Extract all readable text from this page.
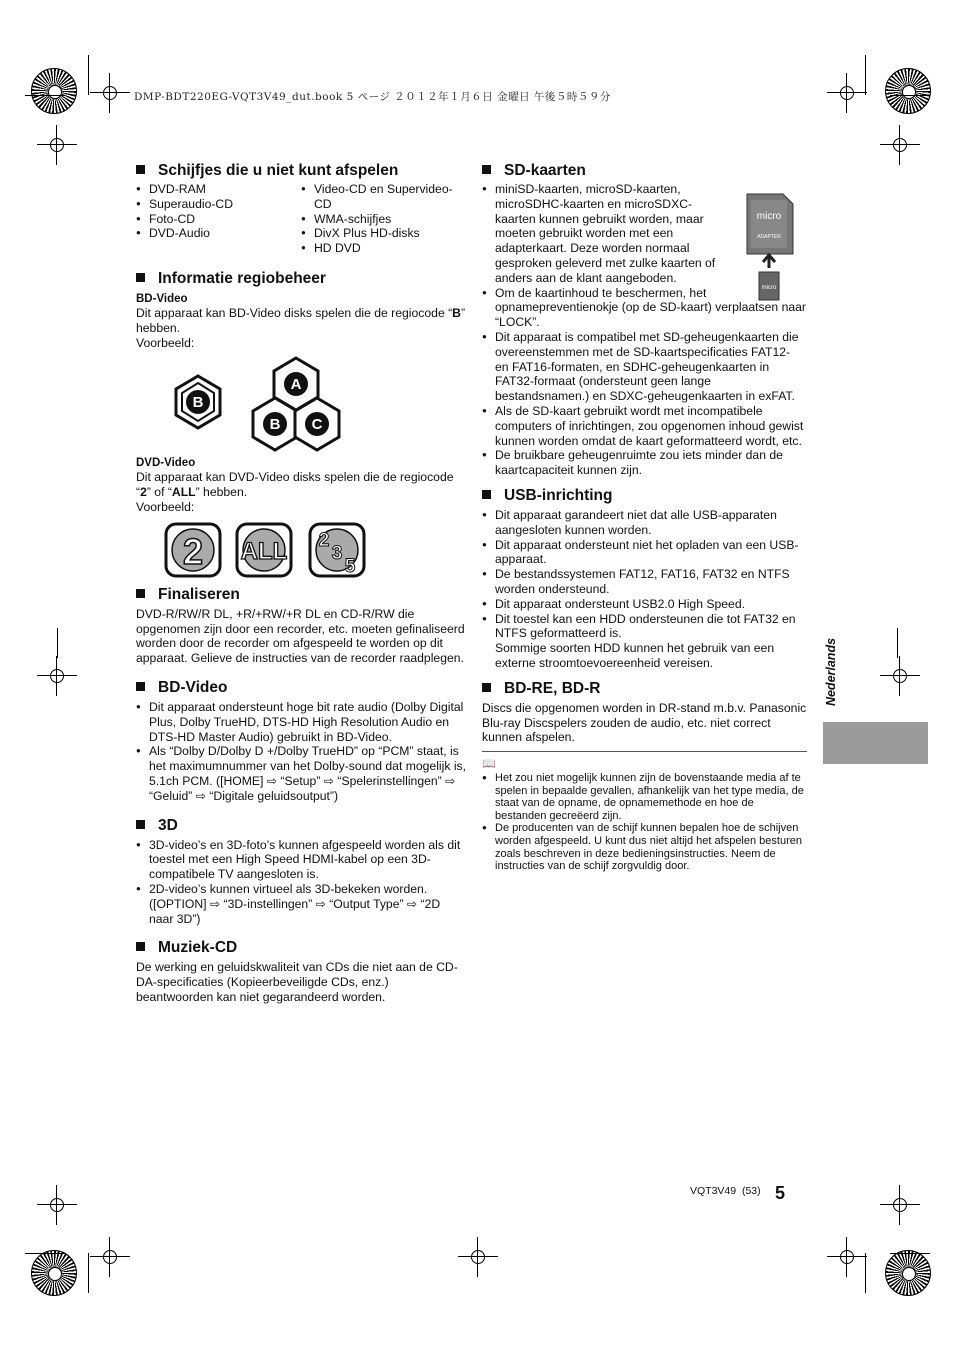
DMP-BDT220EG-VQT3V49_dut.book 5 ページ ２０１２年１月６日 金曜日 午後５時５９分
Schijfjes die u niet kunt afspelen
● DVD-RAM
● Superaudio-CD
● Foto-CD
● DVD-Audio
● Video-CD en Supervideo-CD
● WMA-schijfjes
● DivX Plus HD-disks
● HD DVD
Informatie regiobeheer
BD-Video

Dit apparaat kan BD-Video disks spelen die de regiocode “B” hebben.

Voorbeeld:

B
A
B C
DVD-Video

Dit apparaat kan DVD-Video disks spelen die de regiocode “2” of “ALL” hebben.

Voorbeeld:

2 ALL 2
3
5
Finaliseren

DVD-R/RW/R DL, +R/+RW/+R DL en CD-R/RW die opgenomen zijn door een recorder, etc. moeten gefinaliseerd worden door de recorder om afgespeeld te worden op dit apparaat. Gelieve de instructies van de recorder raadplegen.

BD-Video
● Dit apparaat ondersteunt hoge bit rate audio (Dolby Digital Plus, Dolby TrueHD, DTS-HD High Resolution Audio en DTS-HD Master Audio) gebruikt in BD-Video.
● Als “Dolby D/Dolby D +/Dolby TrueHD” op “PCM” staat, is het maximumnummer van het Dolby-sound dat mogelijk is, 5.1ch PCM. ([HOME] ⇨ “Setup” ⇨ “Spelerinstellingen” ⇨ “Geluid” ⇨ “Digitale geluidsoutput”)
3D
● 3D-video’s en 3D-foto’s kunnen afgespeeld worden als dit toestel met een High Speed HDMI-kabel op een 3D-compatibele TV aangesloten is.
● 2D-video’s kunnen virtueel als 3D-bekeken worden. ([OPTION] ⇨ “3D-instellingen” ⇨ “Output Type” ⇨ “2D naar 3D”)
Muziek-CD

De werking en geluidskwaliteit van CDs die niet aan de CD-DA-specificaties (Kopieerbeveiligde CDs, enz.) beantwoorden kan niet gegarandeerd worden.

SD-kaarten
micro
ADAPTER
micro
● miniSD-kaarten, microSD-kaarten, microSDHC-kaarten en microSDXC-kaarten kunnen gebruikt worden, maar moeten gebruikt worden met een adapterkaart. Deze worden normaal gesproken geleverd met zulke kaarten of anders aan de klant aangeboden.
● Om de kaartinhoud te beschermen, het opnamepreventienokje (op de SD-kaart) verplaatsen naar “LOCK”.
● Dit apparaat is compatibel met SD-geheugenkaarten die overeenstemmen met de SD-kaartspecificaties FAT12- en FAT16-formaten, en SDHC-geheugenkaarten in FAT32-formaat (ondersteunt geen lange bestandsnamen.) en SDXC-geheugenkaarten in exFAT.
● Als de SD-kaart gebruikt wordt met incompatibele computers of inrichtingen, zou opgenomen inhoud gewist kunnen worden omdat de kaart geformatteerd wordt, etc.
● De bruikbare geheugenruimte zou iets minder dan de kaartcapaciteit kunnen zijn.
USB-inrichting
● Dit apparaat garandeert niet dat alle USB-apparaten aangesloten kunnen worden.
● Dit apparaat ondersteunt niet het opladen van een USB-apparaat.
● De bestandssystemen FAT12, FAT16, FAT32 en NTFS worden ondersteund.
● Dit apparaat ondersteunt USB2.0 High Speed.
● Dit toestel kan een HDD ondersteunen die tot FAT32 en NTFS geformatteerd is.
Sommige soorten HDD kunnen het gebruik van een externe stroomtoevoereenheid vereisen.
BD-RE, BD-R

Discs die opgenomen worden in DR-stand m.b.v. Panasonic Blu-ray Discspelers zouden de audio, etc. niet correct kunnen afspelen.

📖
● Het zou niet mogelijk kunnen zijn de bovenstaande media af te spelen in bepaalde gevallen, afhankelijk van het type media, de staat van de opname, de opnamemethode en hoe de bestanden gecreëerd zijn.
● De producenten van de schijf kunnen bepalen hoe de schijven worden afgespeeld. U kunt dus niet altijd het afspelen besturen zoals beschreven in deze bedieningsinstructies. Neem de instructies van de schijf zorgvuldig door.
Nederlands
VQT3V49 (53) 5
